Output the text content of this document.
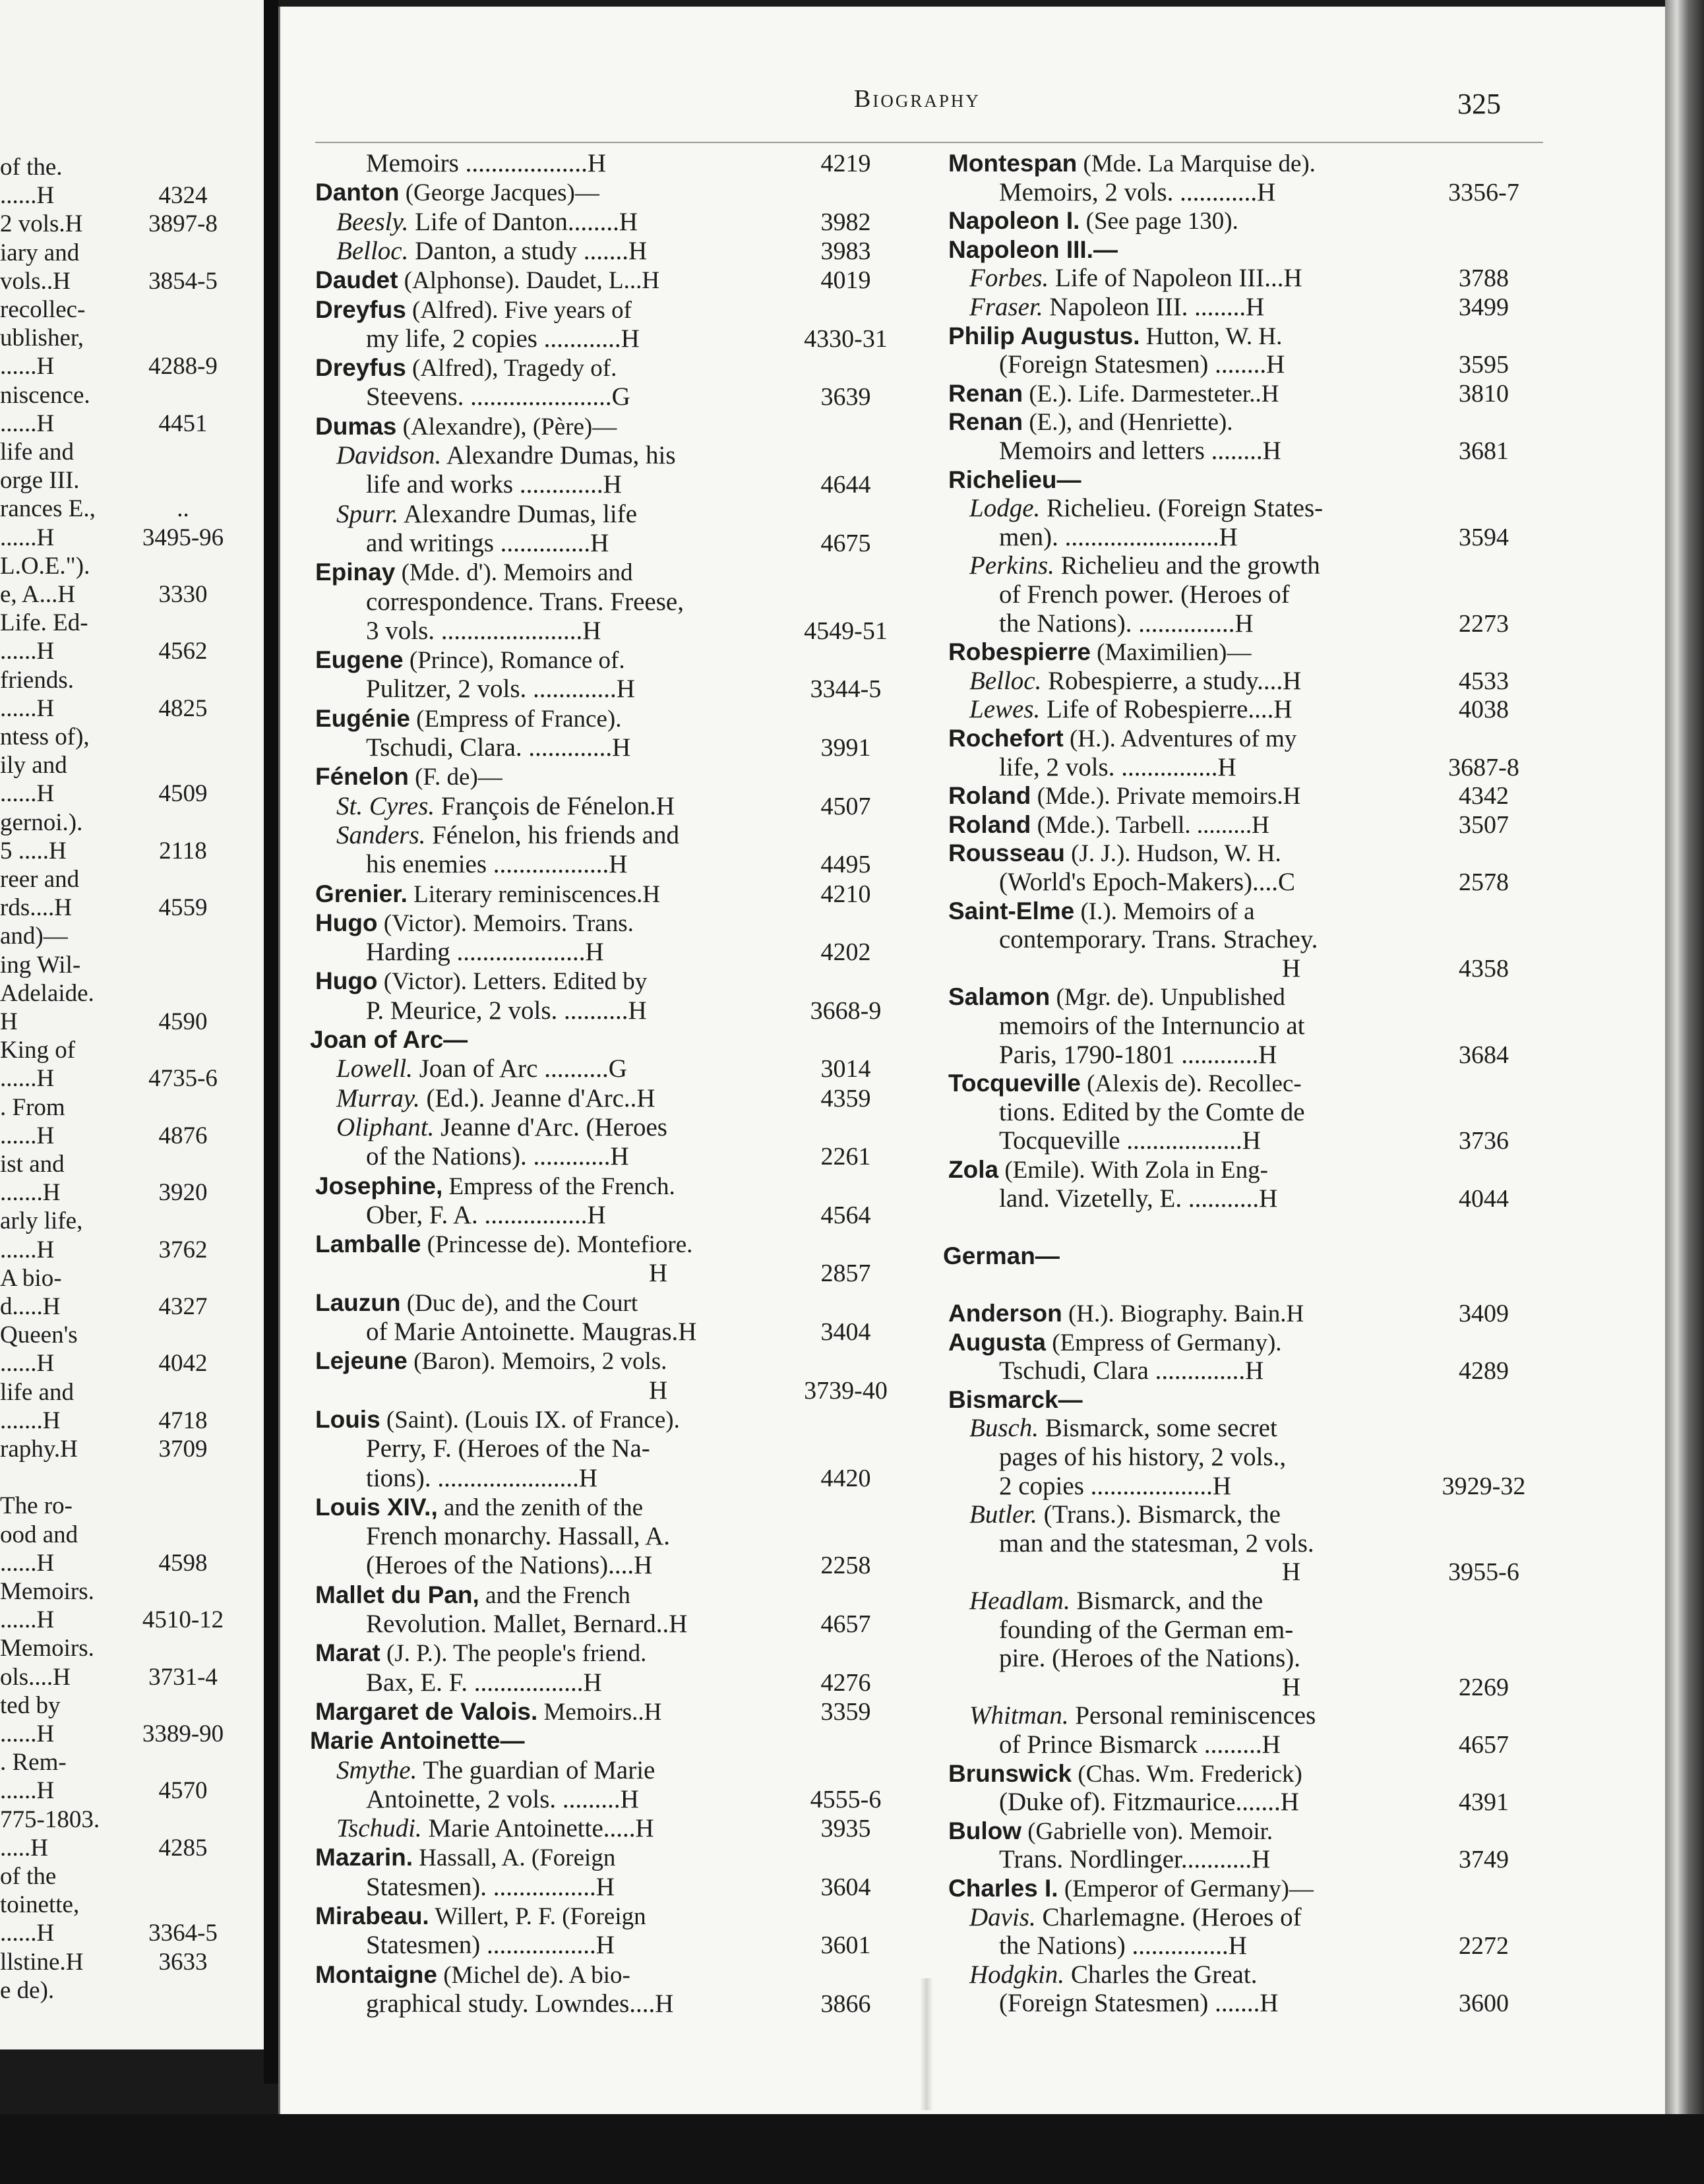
of the.
......H	4324
2 vols.H	3897-8
iary and
vols..H	3854-5
recollec-
ublisher,
......H	4288-9
niscence.
......H	4451
life and
orge III.
rances E.,	..
......H	3495-96
L.O.E.").
e, A...H	3330
Life. Ed-
......H	4562
friends.
......H	4825
ntess of),
ily and
......H	4509
gernoi.).
5 .....H	2118
reer and
rds....H	4559
and)—
ing Wil-
Adelaide.
H	4590
King of
......H	4735-6
. From
......H	4876
ist and
.......H	3920
arly life,
......H	3762
A bio-
d.....H	4327
Queen's
......H	4042
life and
.......H	4718
raphy.H	3709
The ro-
ood and
......H	4598
Memoirs.
......H	4510-12
Memoirs.
ols....H	3731-4
ted by
......H	3389-90
. Rem-
......H	4570
775-1803.
.....H	4285
of the
toinette,
......H	3364-5
llstine.H	3633
e de).
Biography	325
Memoirs ...................H	4219
Danton (George Jacques)—
Beesly. Life of Danton........H	3982
Belloc. Danton, a study .......H	3983
Daudet (Alphonse). Daudet, L...H	4019
Dreyfus (Alfred). Five years of
my life, 2 copies ............H	4330-31
Dreyfus (Alfred), Tragedy of.
Steevens. ......................G	3639
Dumas (Alexandre), (Père)—
Davidson. Alexandre Dumas, his
life and works .............H	4644
Spurr. Alexandre Dumas, life
and writings ..............H	4675
Epinay (Mde. d'). Memoirs and
correspondence. Trans. Freese,
3 vols. ......................H	4549-51
Eugene (Prince), Romance of.
Pulitzer, 2 vols. .............H	3344-5
Eugénie (Empress of France).
Tschudi, Clara. .............H	3991
Fénelon (F. de)—
St. Cyres. François de Fénelon.H	4507
Sanders. Fénelon, his friends and
his enemies ..................H	4495
Grenier. Literary reminiscences.H	4210
Hugo (Victor). Memoirs. Trans.
Harding ....................H	4202
Hugo (Victor). Letters. Edited by
P. Meurice, 2 vols. ..........H	3668-9
Joan of Arc—
Lowell. Joan of Arc ..........G	3014
Murray. (Ed.). Jeanne d'Arc..H	4359
Oliphant. Jeanne d'Arc. (Heroes
of the Nations). ............H	2261
Josephine, Empress of the French.
Ober, F. A. ................H	4564
Lamballe (Princesse de). Montefiore.
H	2857
Lauzun (Duc de), and the Court
of Marie Antoinette. Maugras.H	3404
Lejeune (Baron). Memoirs, 2 vols.
H	3739-40
Louis (Saint). (Louis IX. of France).
Perry, F. (Heroes of the Na-
tions). ......................H	4420
Louis XIV., and the zenith of the
French monarchy. Hassall, A.
(Heroes of the Nations)....H	2258
Mallet du Pan, and the French
Revolution. Mallet, Bernard..H	4657
Marat (J. P.). The people's friend.
Bax, E. F. .................H	4276
Margaret de Valois. Memoirs..H	3359
Marie Antoinette—
Smythe. The guardian of Marie
Antoinette, 2 vols. .........H	4555-6
Tschudi. Marie Antoinette.....H	3935
Mazarin. Hassall, A. (Foreign
Statesmen). ................H	3604
Mirabeau. Willert, P. F. (Foreign
Statesmen) .................H	3601
Montaigne (Michel de). A bio-
graphical study. Lowndes....H	3866
Montespan (Mde. La Marquise de).
Memoirs, 2 vols. ............H	3356-7
Napoleon I. (See page 130).
Napoleon III.—
Forbes. Life of Napoleon III...H	3788
Fraser. Napoleon III. ........H	3499
Philip Augustus. Hutton, W. H.
(Foreign Statesmen) ........H	3595
Renan (E.). Life. Darmesteter..H	3810
Renan (E.), and (Henriette).
Memoirs and letters ........H	3681
Richelieu—
Lodge. Richelieu. (Foreign States-
men). ........................H	3594
Perkins. Richelieu and the growth
of French power. (Heroes of
the Nations). ...............H	2273
Robespierre (Maximilien)—
Belloc. Robespierre, a study....H	4533
Lewes. Life of Robespierre....H	4038
Rochefort (H.). Adventures of my
life, 2 vols. ...............H	3687-8
Roland (Mde.). Private memoirs.H	4342
Roland (Mde.). Tarbell. .........H	3507
Rousseau (J. J.). Hudson, W. H.
(World's Epoch-Makers)....C	2578
Saint-Elme (I.). Memoirs of a
contemporary. Trans. Strachey.
H	4358
Salamon (Mgr. de). Unpublished
memoirs of the Internuncio at
Paris, 1790-1801 ............H	3684
Tocqueville (Alexis de). Recollec-
tions. Edited by the Comte de
Tocqueville ..................H	3736
Zola (Emile). With Zola in Eng-
land. Vizetelly, E. ...........H	4044
German—
Anderson (H.). Biography. Bain.H	3409
Augusta (Empress of Germany).
Tschudi, Clara ..............H	4289
Bismarck—
Busch. Bismarck, some secret
pages of his history, 2 vols.,
2 copies ...................H	3929-32
Butler. (Trans.). Bismarck, the
man and the statesman, 2 vols.
H	3955-6
Headlam. Bismarck, and the
founding of the German em-
pire. (Heroes of the Nations).
H	2269
Whitman. Personal reminiscences
of Prince Bismarck .........H	4657
Brunswick (Chas. Wm. Frederick)
(Duke of). Fitzmaurice.......H	4391
Bulow (Gabrielle von). Memoir.
Trans. Nordlinger...........H	3749
Charles I. (Emperor of Germany)—
Davis. Charlemagne. (Heroes of
the Nations) ...............H	2272
Hodgkin. Charles the Great.
(Foreign Statesmen) .......H	3600
